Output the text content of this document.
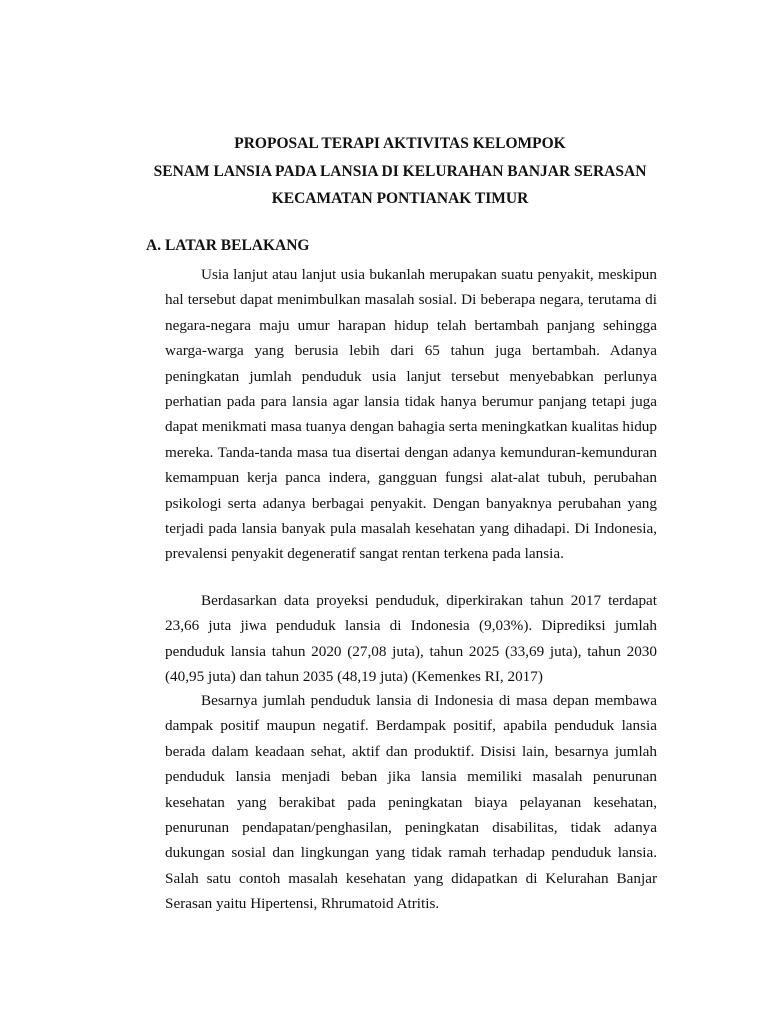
PROPOSAL TERAPI AKTIVITAS KELOMPOK
SENAM LANSIA PADA LANSIA DI KELURAHAN BANJAR SERASAN
KECAMATAN PONTIANAK TIMUR
A. LATAR BELAKANG
Usia lanjut atau lanjut usia bukanlah merupakan suatu penyakit, meskipun hal tersebut dapat menimbulkan masalah sosial. Di beberapa negara, terutama di negara-negara maju umur harapan hidup telah bertambah panjang sehingga warga-warga yang berusia lebih dari 65 tahun juga bertambah. Adanya peningkatan jumlah penduduk usia lanjut tersebut menyebabkan perlunya perhatian pada para lansia agar lansia tidak hanya berumur panjang tetapi juga dapat menikmati masa tuanya dengan bahagia serta meningkatkan kualitas hidup mereka. Tanda-tanda masa tua disertai dengan adanya kemunduran-kemunduran kemampuan kerja panca indera, gangguan fungsi alat-alat tubuh, perubahan psikologi serta adanya berbagai penyakit. Dengan banyaknya perubahan yang terjadi pada lansia banyak pula masalah kesehatan yang dihadapi. Di Indonesia, prevalensi penyakit degeneratif sangat rentan terkena pada lansia.
Berdasarkan data proyeksi penduduk, diperkirakan tahun 2017 terdapat 23,66 juta jiwa penduduk lansia di Indonesia (9,03%). Diprediksi jumlah penduduk lansia tahun 2020 (27,08 juta), tahun 2025 (33,69 juta), tahun 2030 (40,95 juta) dan tahun 2035 (48,19 juta) (Kemenkes RI, 2017)
Besarnya jumlah penduduk lansia di Indonesia di masa depan membawa dampak positif maupun negatif. Berdampak positif, apabila penduduk lansia berada dalam keadaan sehat, aktif dan produktif. Disisi lain, besarnya jumlah penduduk lansia menjadi beban jika lansia memiliki masalah penurunan kesehatan yang berakibat pada peningkatan biaya pelayanan kesehatan, penurunan pendapatan/penghasilan, peningkatan disabilitas, tidak adanya dukungan sosial dan lingkungan yang tidak ramah terhadap penduduk lansia. Salah satu contoh masalah kesehatan yang didapatkan di Kelurahan Banjar Serasan yaitu Hipertensi, Rhrumatoid Atritis.
